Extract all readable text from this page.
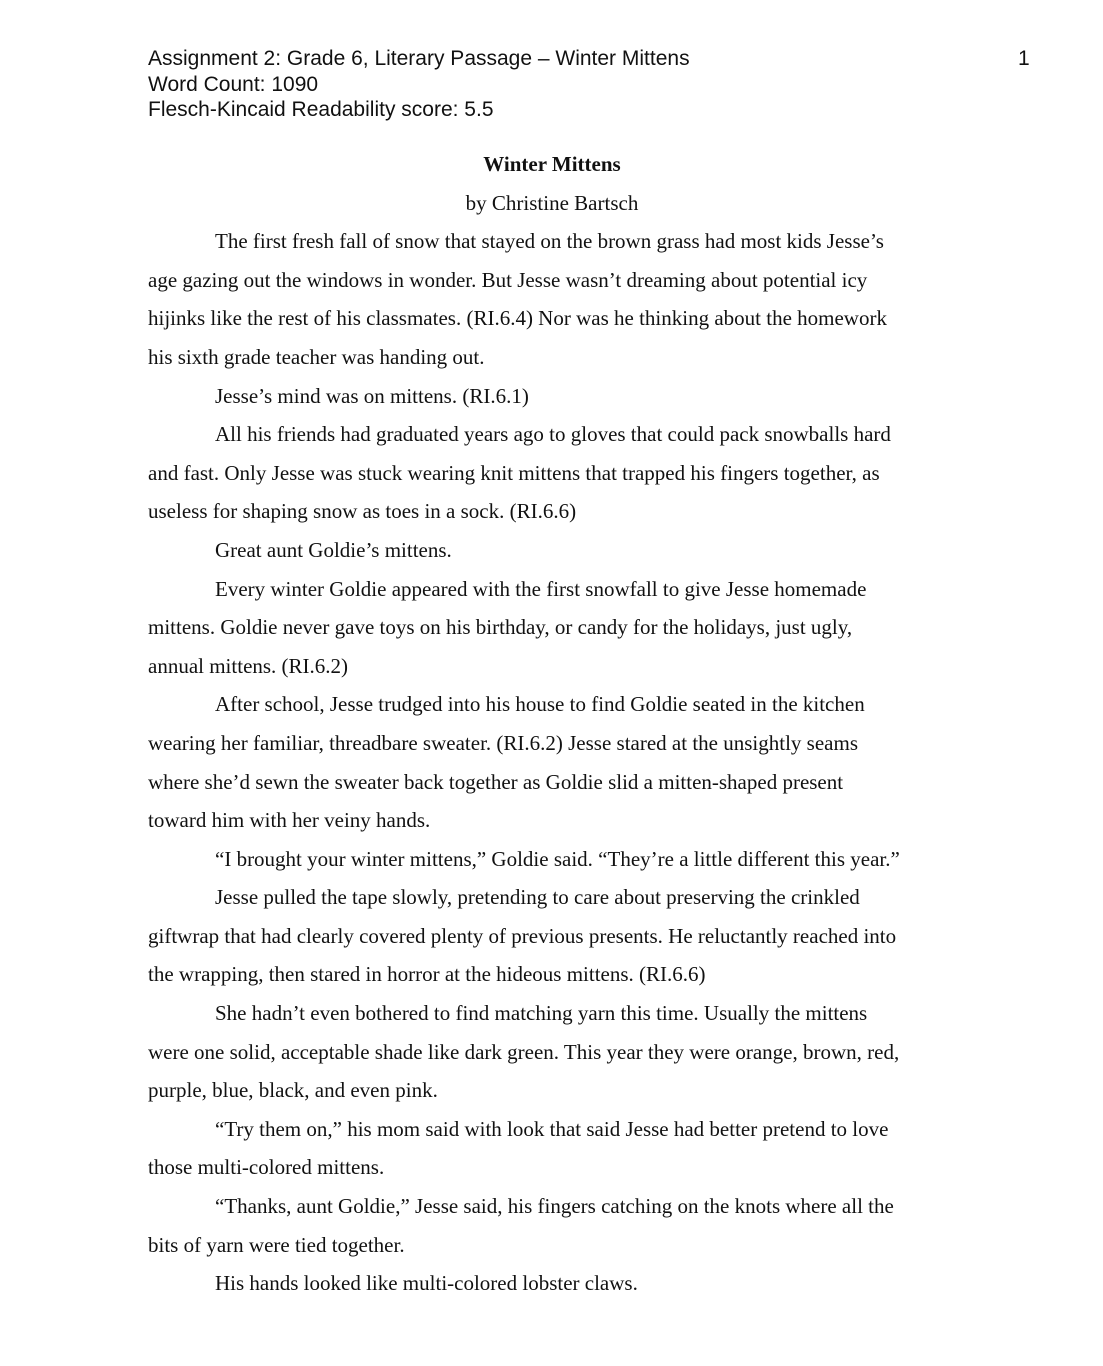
Assignment 2: Grade 6, Literary Passage – Winter Mittens
Word Count: 1090
Flesch-Kincaid Readability score: 5.5
1

Winter Mittens

by Christine Bartsch

The first fresh fall of snow that stayed on the brown grass had most kids Jesse’s
age gazing out the windows in wonder. But Jesse wasn’t dreaming about potential icy
hijinks like the rest of his classmates. (RI.6.4) Nor was he thinking about the homework
his sixth grade teacher was handing out.

Jesse’s mind was on mittens. (RI.6.1)

All his friends had graduated years ago to gloves that could pack snowballs hard
and fast. Only Jesse was stuck wearing knit mittens that trapped his fingers together, as
useless for shaping snow as toes in a sock. (RI.6.6)

Great aunt Goldie’s mittens.

Every winter Goldie appeared with the first snowfall to give Jesse homemade
mittens. Goldie never gave toys on his birthday, or candy for the holidays, just ugly,
annual mittens. (RI.6.2)

After school, Jesse trudged into his house to find Goldie seated in the kitchen
wearing her familiar, threadbare sweater. (RI.6.2) Jesse stared at the unsightly seams
where she’d sewn the sweater back together as Goldie slid a mitten-shaped present
toward him with her veiny hands.

“I brought your winter mittens,” Goldie said. “They’re a little different this year.”

Jesse pulled the tape slowly, pretending to care about preserving the crinkled
giftwrap that had clearly covered plenty of previous presents. He reluctantly reached into
the wrapping, then stared in horror at the hideous mittens. (RI.6.6)

She hadn’t even bothered to find matching yarn this time. Usually the mittens
were one solid, acceptable shade like dark green. This year they were orange, brown, red,
purple, blue, black, and even pink.

“Try them on,” his mom said with look that said Jesse had better pretend to love
those multi-colored mittens.

“Thanks, aunt Goldie,” Jesse said, his fingers catching on the knots where all the
bits of yarn were tied together.

His hands looked like multi-colored lobster claws.
